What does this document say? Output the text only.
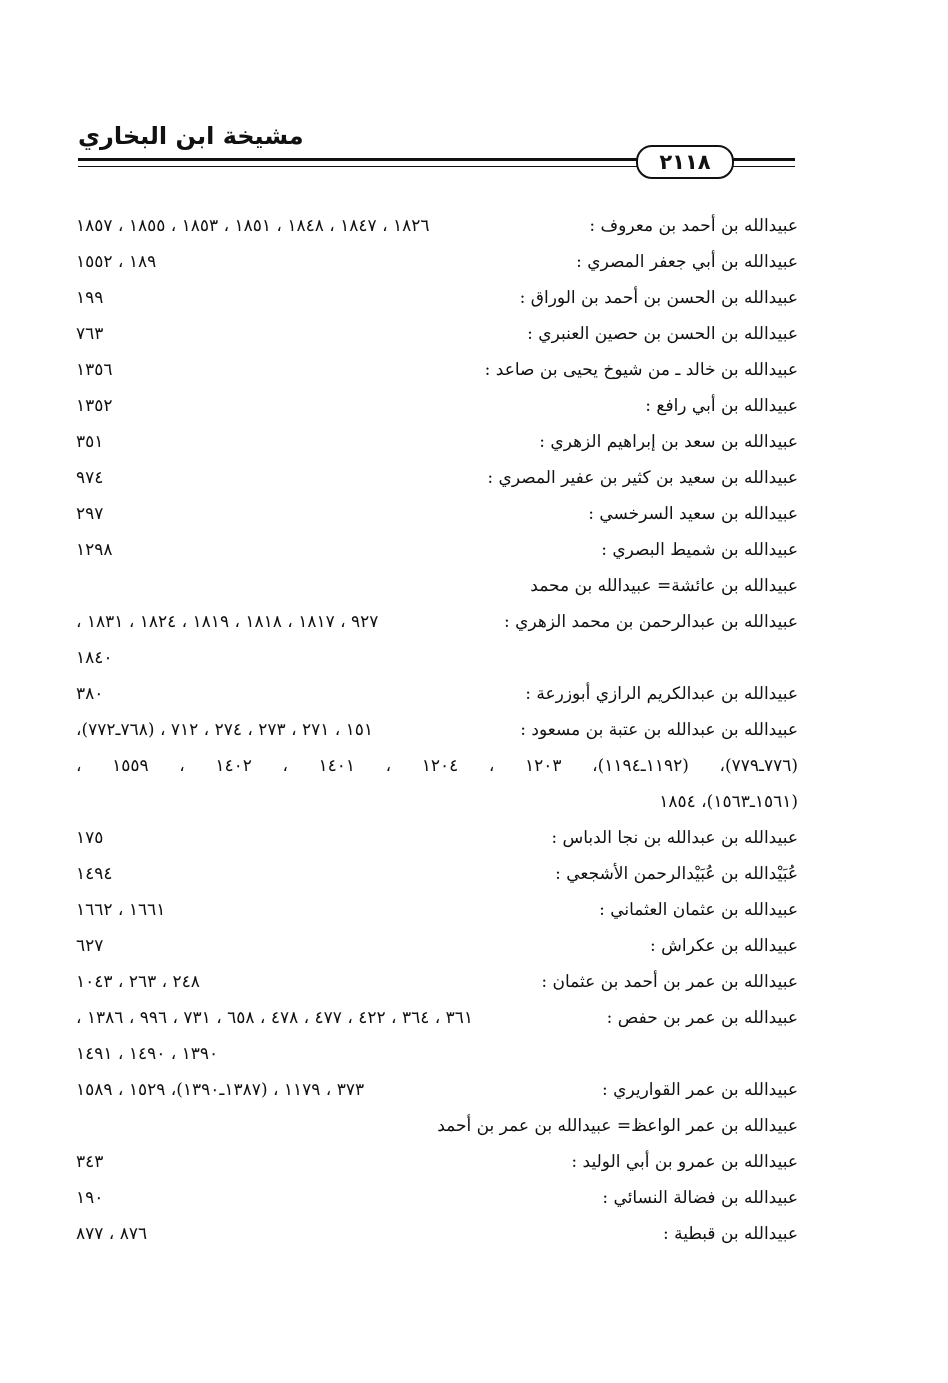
مشيخة ابن البخاري
٢١١٨
عبيدالله بن أحمد بن معروف :
١٨٢٦ ، ١٨٤٧ ، ١٨٤٨ ، ١٨٥١ ، ١٨٥٣ ، ١٨٥٥ ، ١٨٥٧
عبيدالله بن أبي جعفر المصري :
١٨٩ ، ١٥٥٢
عبيدالله بن الحسن بن أحمد بن الوراق :
١٩٩
عبيدالله بن الحسن بن حصين العنبري :
٧٦٣
عبيدالله بن خالد ـ من شيوخ يحيى بن صاعد :
١٣٥٦
عبيدالله بن أبي رافع :
١٣٥٢
عبيدالله بن سعد بن إبراهيم الزهري :
٣٥١
عبيدالله بن سعيد بن كثير بن عفير المصري :
٩٧٤
عبيدالله بن سعيد السرخسي :
٢٩٧
عبيدالله بن شميط البصري :
١٢٩٨
عبيدالله بن عائشة= عبيدالله بن محمد
عبيدالله بن عبدالرحمن بن محمد الزهري :
٩٢٧ ، ١٨١٧ ، ١٨١٨ ، ١٨١٩ ، ١٨٢٤ ، ١٨٣١ ،
١٨٤٠
عبيدالله بن عبدالكريم الرازي أبوزرعة :
٣٨٠
عبيدالله بن عبدالله بن عتبة بن مسعود :
١٥١ ، ٢٧١ ، ٢٧٣ ، ٢٧٤ ، ٧١٢ ، (٧٦٨ـ٧٧٢)،
(٧٧٦ـ٧٧٩)، (١١٩٢ـ١١٩٤)، ١٢٠٣ ، ١٢٠٤ ، ١٤٠١ ، ١٤٠٢ ، ١٥٥٩ ،
(١٥٦١ـ١٥٦٣)، ١٨٥٤
عبيدالله بن عبدالله بن نجا الدباس :
١٧٥
عُبَيْدالله بن عُبَيْدالرحمن الأشجعي :
١٤٩٤
عبيدالله بن عثمان العثماني :
١٦٦١ ، ١٦٦٢
عبيدالله بن عكراش :
٦٢٧
عبيدالله بن عمر بن أحمد بن عثمان :
٢٤٨ ، ٢٦٣ ، ١٠٤٣
عبيدالله بن عمر بن حفص :
٣٦١ ، ٣٦٤ ، ٤٢٢ ، ٤٧٧ ، ٤٧٨ ، ٦٥٨ ، ٧٣١ ، ٩٩٦ ، ١٣٨٦ ،
١٣٩٠ ، ١٤٩٠ ، ١٤٩١
عبيدالله بن عمر القواريري :
٣٧٣ ، ١١٧٩ ، (١٣٨٧ـ١٣٩٠)، ١٥٢٩ ، ١٥٨٩
عبيدالله بن عمر الواعظ= عبيدالله بن عمر بن أحمد
عبيدالله بن عمرو بن أبي الوليد :
٣٤٣
عبيدالله بن فضالة النسائي :
١٩٠
عبيدالله بن قبطية :
٨٧٦ ، ٨٧٧
